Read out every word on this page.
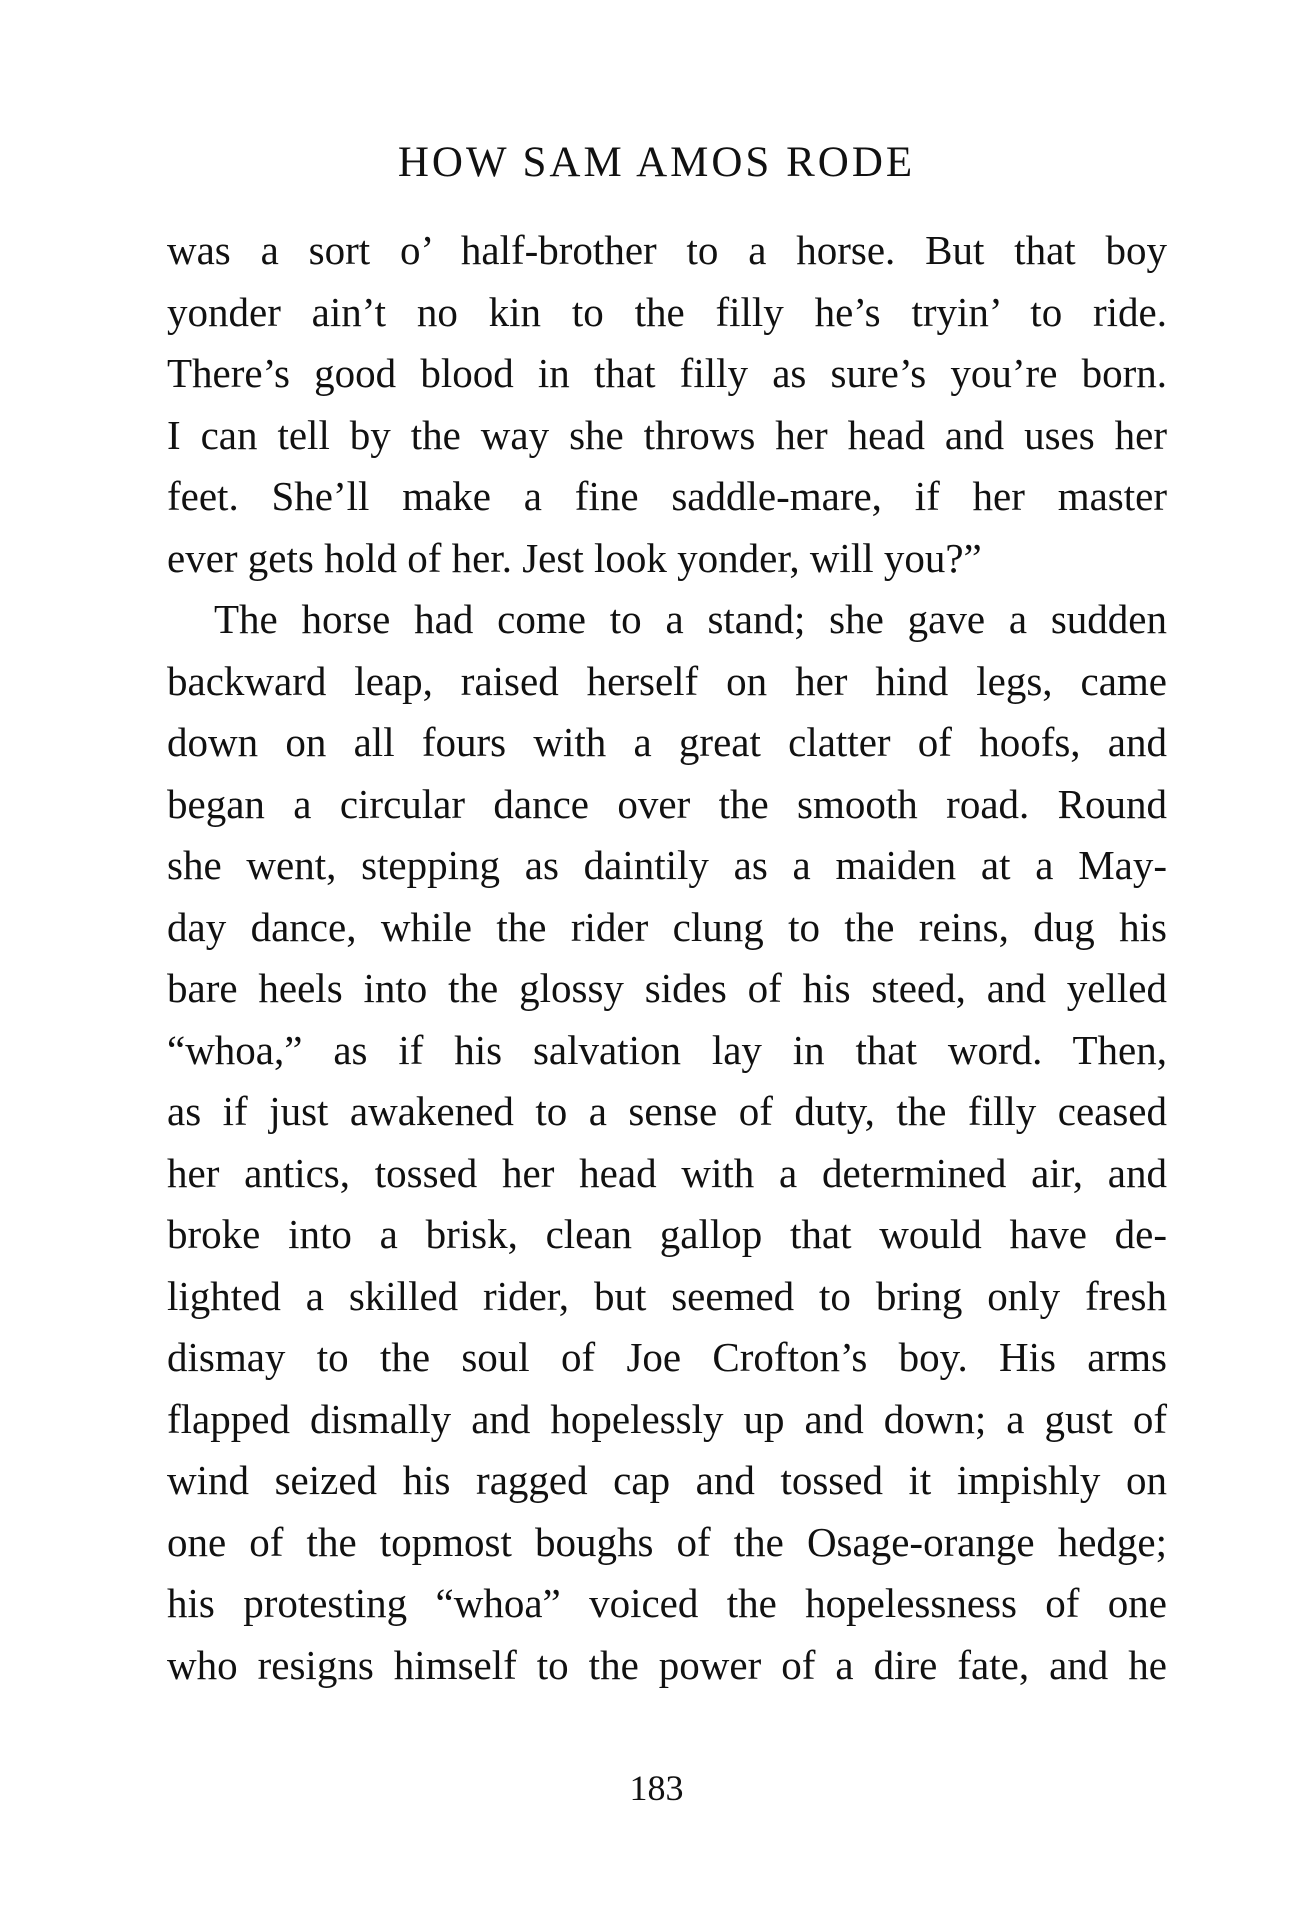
HOW SAM AMOS RODE
was a sort o’ half-brother to a horse. But that boy
yonder ain’t no kin to the filly he’s tryin’ to ride.
There’s good blood in that filly as sure’s you’re born.
I can tell by the way she throws her head and uses her
feet. She’ll make a fine saddle-mare, if her master
ever gets hold of her. Jest look yonder, will you?”
The horse had come to a stand; she gave a sudden
backward leap, raised herself on her hind legs, came
down on all fours with a great clatter of hoofs, and
began a circular dance over the smooth road. Round
she went, stepping as daintily as a maiden at a May-
day dance, while the rider clung to the reins, dug his
bare heels into the glossy sides of his steed, and yelled
“whoa,” as if his salvation lay in that word. Then,
as if just awakened to a sense of duty, the filly ceased
her antics, tossed her head with a determined air, and
broke into a brisk, clean gallop that would have de-
lighted a skilled rider, but seemed to bring only fresh
dismay to the soul of Joe Crofton’s boy. His arms
flapped dismally and hopelessly up and down; a gust of
wind seized his ragged cap and tossed it impishly on
one of the topmost boughs of the Osage-orange hedge;
his protesting “whoa” voiced the hopelessness of one
who resigns himself to the power of a dire fate, and he
183
